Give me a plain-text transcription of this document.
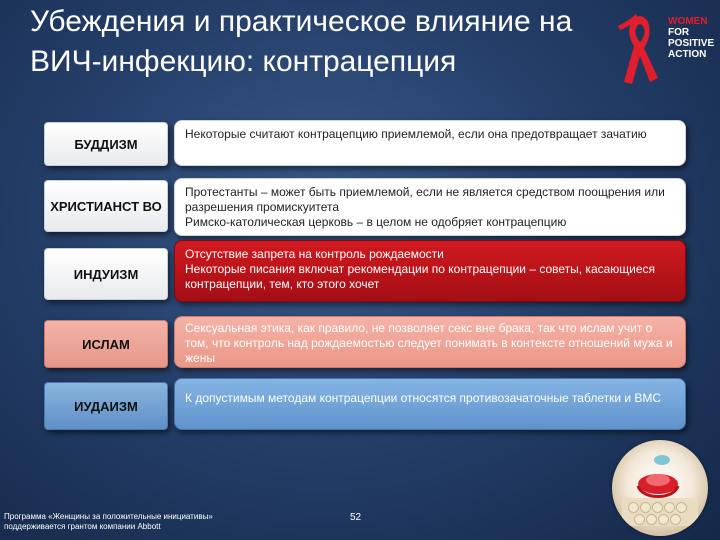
Убеждения и практическое влияние на ВИЧ-инфекцию: контрацепция
WOMEN
FOR
POSITIVE
ACTION
БУДДИЗМ

Некоторые считают контрацепцию приемлемой, если она предотвращает зачатию

ХРИСТИАНСТ ВО

Протестанты – может быть приемлемой, если не является средством поощрения или разрешения промискуитета

Римско-католическая церковь – в целом не одобряет контрацепцию

ИНДУИЗМ

Отсутствие запрета на контроль рождаемости

Некоторые писания включат рекомендации по контрацепции – советы, касающиеся контрацепции, тем, кто этого хочет

ИСЛАМ

Сексуальная этика, как правило, не позволяет секс вне брака, так что ислам учит о том, что контроль над рождаемостью следует понимать в контексте отношений мужа и жены

ИУДАИЗМ

К допустимым методам контрацепции относятся противозачаточные таблетки и ВМС

Программа «Женщины за положительные инициативы»
поддерживается грантом компании Abbott
52
